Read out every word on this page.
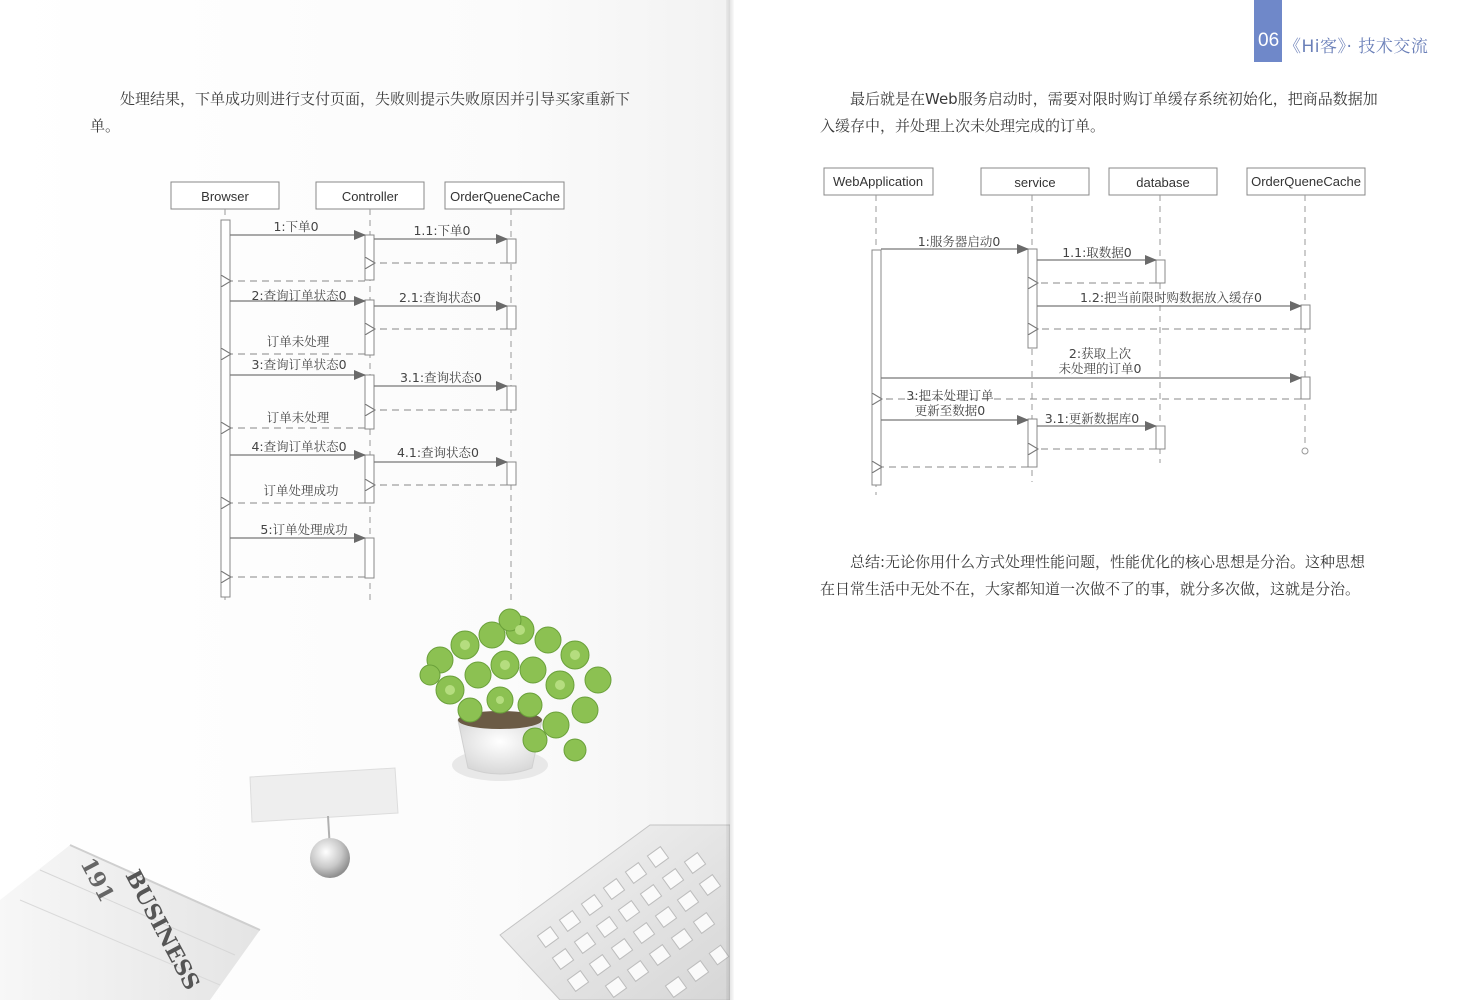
处理结果，下单成功则进行支付页面，失败则提示失败原因并引导买家重新下单。

Browser	Controller	OrderQueneCache
1:下单0	1.1:下单0
2:查询订单状态0	2.1:查询状态0
订单未处理
3:查询订单状态0
3.1:查询状态0
订单未处理
4:查询订单状态0	4.1:查询状态0
订单处理成功
5:订单处理成功
BUSINESS
191
06 《Hi客》· 技术交流

最后就是在Web服务启动时，需要对限时购订单缓存系统初始化，把商品数据加入缓存中，并处理上次未处理完成的订单。

WebApplication	service	database	OrderQueneCache
1:服务器启动0
1.1:取数据0
1.2:把当前限时购数据放入缓存0
2:获取上次
未处理的订单0
3:把未处理订单
更新至数据0
3.1:更新数据库0

总结:无论你用什么方式处理性能问题，性能优化的核心思想是分治。这种思想在日常生活中无处不在，大家都知道一次做不了的事，就分多次做，这就是分治。
